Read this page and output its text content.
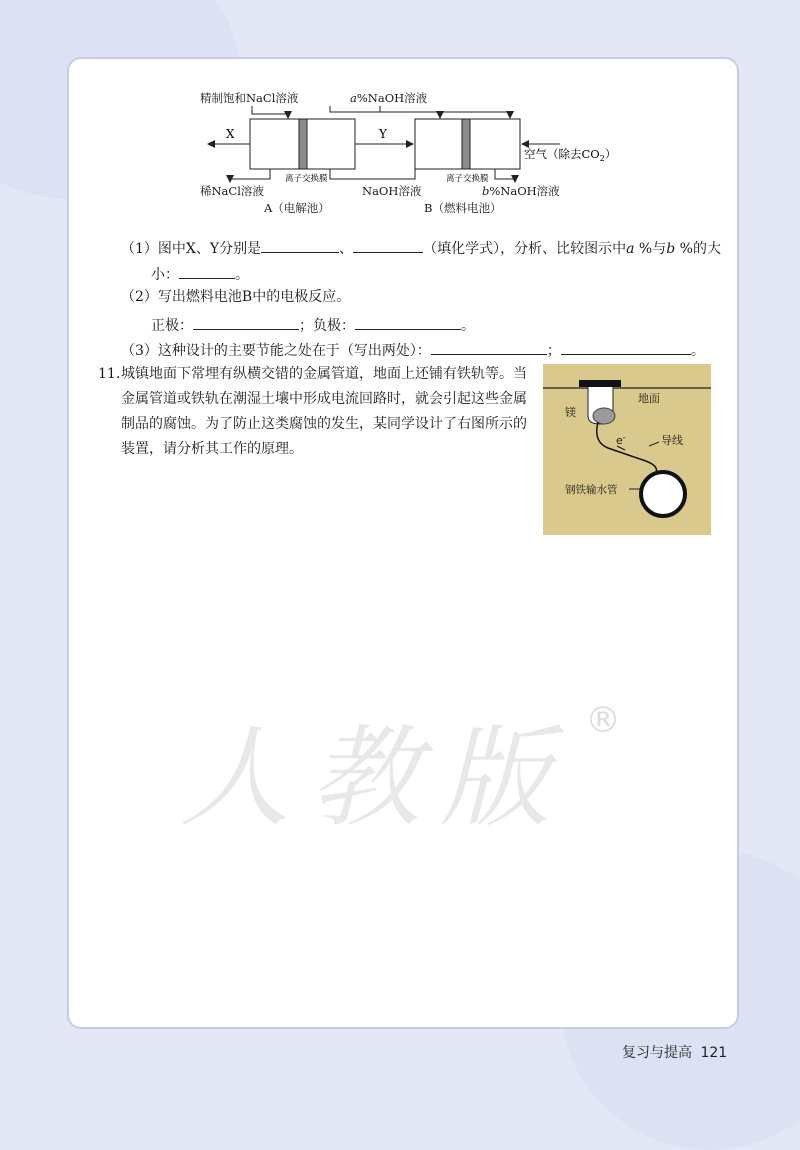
精制饱和NaCl溶液	a%NaOH溶液
X	Y
空气（除去$CO_2$）
离子交换膜	离子交换膜
稀NaCl溶液	NaOH溶液	b%NaOH溶液
A（电解池）	B（燃料电池）
（1）图中X、Y分别是	、	（填化学式），分析、比较图示中a %与b %的大
小：	。
（2）写出燃料电池B中的电极反应。
正极：	；负极：	。
（3）这种设计的主要节能之处在于（写出两处）：	；	。
11. 城镇地面下常埋有纵横交错的金属管道，地面上还铺有铁轨等。当
金属管道或铁轨在潮湿土壤中形成电流回路时，就会引起这些金属
制品的腐蚀。为了防止这类腐蚀的发生，某同学设计了右图所示的
装置，请分析其工作的原理。
地面
镁
e-	导线
钢铁输水管
人教版 ®
复习与提高 121
